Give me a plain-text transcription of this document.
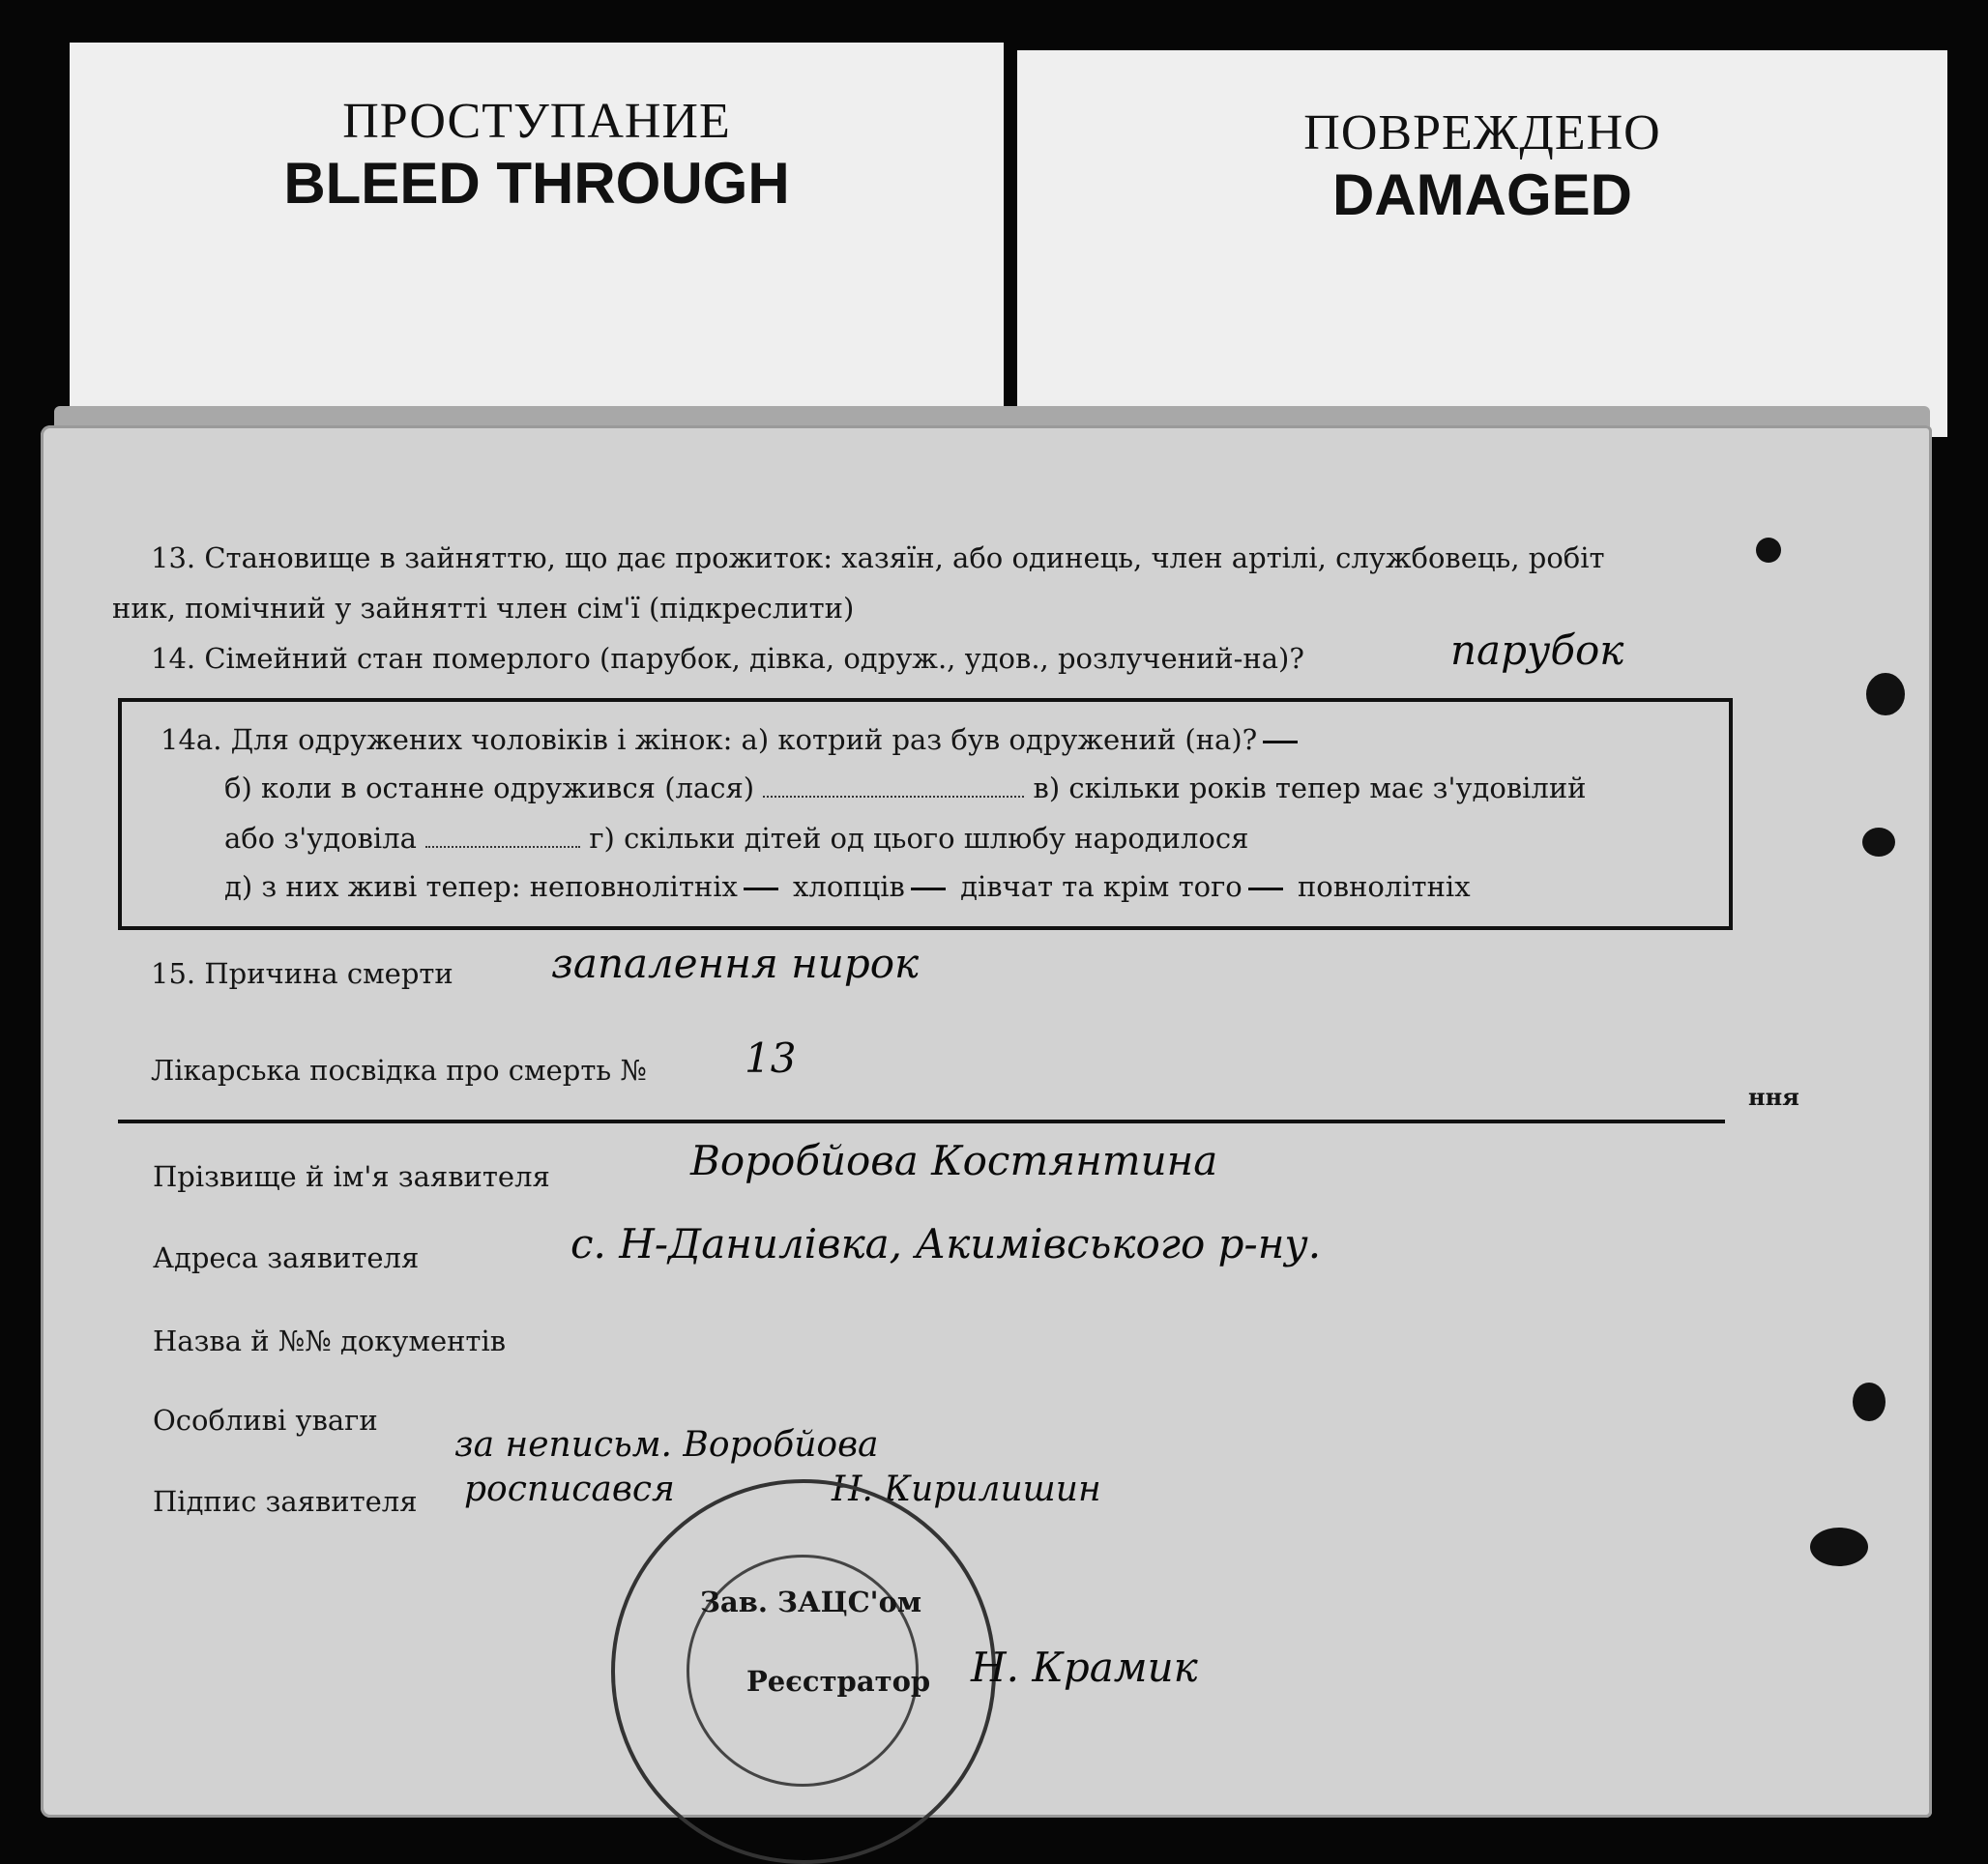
ПРОСТУПАНИЕ
BLEED THROUGH
ПОВРЕЖДЕНО
DAMAGED
13. Становище в зайняттю, що дає прожиток: хазяїн, або одинець, член артілі, службовець, робіт
ник, помічний у зайнятті член сім'ї (підкреслити)
14. Сімейний стан померлого (парубок, дівка, одруж., удов., розлучений-на)?	парубок
14а. Для одружених чоловіків і жінок: а) котрий раз був одружений (на)?
б) коли в останне одружився (лася)	в) скільки років тепер має з'удовілий
або з'удовіла	г) скільки дітей од цього шлюбу народилося
д) з них живі тепер: неповнолітніх хлопців дівчат та крім того повнолітніх
15. Причина смерти запалення нирок
Лікарська посвідка про смерть № 13
ння
Прізвище й ім'я заявителя	Воробйова Костянтина
Адреса заявителя	с. Н-Данилівка, Акимівського р-ну.
Назва й №№ документів
Особливі уваги
за неписьм. Воробйова
Підпис заявителя росписався	Н. Кирилишин
Зав. ЗАЦС'ом
Реєстратор Н. Крамик
